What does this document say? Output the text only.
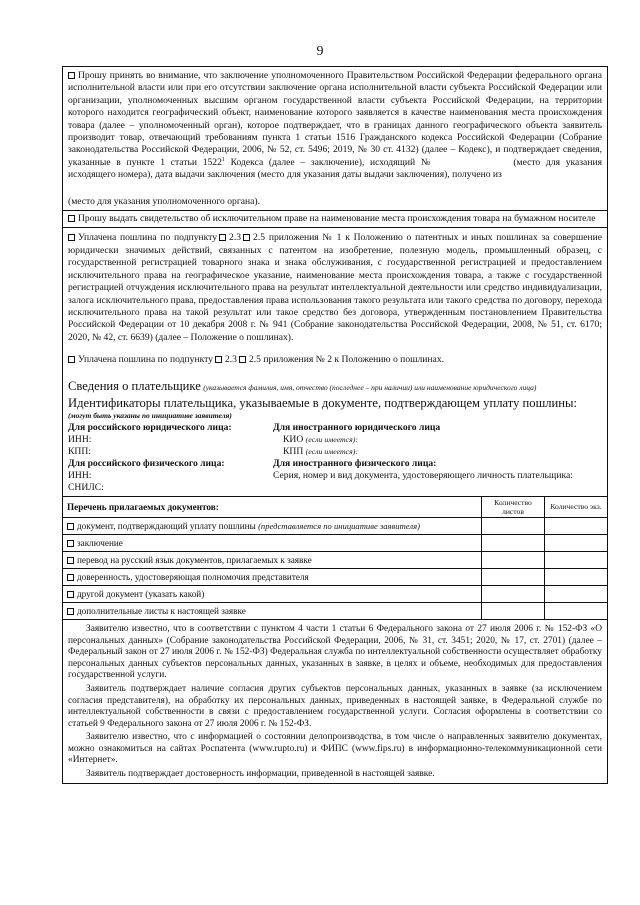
9
Прошу принять во внимание, что заключение уполномоченного Правительством Российской Федерации федерального органа исполнительной власти или при его отсутствии заключение органа исполнительной власти субъекта Российской Федерации или организации, уполномоченных высшим органом государственной власти субъекта Российской Федерации, на территории которого находится географический объект, наименование которого заявляется в качестве наименования места происхождения товара (далее – уполномоченный орган), которое подтверждает, что в границах данного географического объекта заявитель производит товар, отвечающий требованиям пункта 1 статьи 1516 Гражданского кодекса Российской Федерации (Собрание законодательства Российской Федерации, 2006, № 52, ст. 5496; 2019, № 30 ст. 4132) (далее – Кодекс), и подтверждает сведения, указанные в пункте 1 статьи 1522$^1$ Кодекса (далее – заключение), исходящий №	(место для указания исходящего номера), дата выдачи заключения (место для указания даты выдачи заключения), получено из
(место для указания уполномоченного органа).
Прошу выдать свидетельство об исключительном праве на наименование места происхождения товара на бумажном носителе
Уплачена пошлина по подпункту 2.3 2.5 приложения № 1 к Положению о патентных и иных пошлинах за совершение юридически значимых действий, связанных с патентом на изобретение, полезную модель, промышленный образец, с государственной регистрацией товарного знака и знака обслуживания, с государственной регистрацией и предоставлением исключительного права на географическое указание, наименование места происхождения товара, а также с государственной регистрацией отчуждения исключительного права на результат интеллектуальной деятельности или средство индивидуализации, залога исключительного права, предоставления права использования такого результата или такого средства по договору, перехода исключительного права на такой результат или такое средство без договора, утвержденным постановлением Правительства Российской Федерации от 10 декабря 2008 г. № 941 (Собрание законодательства Российской Федерации, 2008, № 51, ст. 6170; 2020, № 42, ст. 6639) (далее – Положение о пошлинах).
Уплачена пошлина по подпункту 2.3 2.5 приложения № 2 к Положению о пошлинах.
Сведения о плательщике (указывается фамилия, имя, отчество (последнее – при наличии) или наименование юридического лица)
Идентификаторы плательщика, указываемые в документе, подтверждающем уплату пошлины:
(могут быть указаны по инициативе заявителя)
Для российского юридического лица:	Для иностранного юридического лица
ИНН:	КИО (если имеется):
КПП:	КПП (если имеется):
Для российского физического лица:	Для иностранного физического лица:
ИНН:	Серия, номер и вид документа, удостоверяющего личность плательщика:
СНИЛС:
Перечень прилагаемых документов:	Количество листов	Количество экз.
документ, подтверждающий уплату пошлины (представляется по инициативе заявителя)		
заключение		
перевод на русский язык документов, прилагаемых к заявке		
доверенность, удостоверяющая полномочия представителя		
другой документ (указать какой)		
дополнительные листы к настоящей заявке		

Заявителю известно, что в соответствии с пунктом 4 части 1 статьи 6 Федерального закона от 27 июля 2006 г. № 152-ФЗ «О персональных данных» (Собрание законодательства Российской Федерации, 2006, № 31, ст. 3451; 2020, № 17, ст. 2701) (далее – Федеральный закон от 27 июля 2006 г. № 152-ФЗ) Федеральная служба по интеллектуальной собственности осуществляет обработку персональных данных субъектов персональных данных, указанных в заявке, в целях и объеме, необходимых для предоставления государственной услуги.

Заявитель подтверждает наличие согласия других субъектов персональных данных, указанных в заявке (за исключением согласия представителя), на обработку их персональных данных, приведенных в настоящей заявке, в Федеральной службе по интеллектуальной собственности в связи с предоставлением государственной услуги. Согласия оформлены в соответствии со статьей 9 Федерального закона от 27 июля 2006 г. № 152-ФЗ.

Заявителю известно, что с информацией о состоянии делопроизводства, в том числе о направленных заявителю документах, можно ознакомиться на сайтах Роспатента (www.rupto.ru) и ФИПС (www.fips.ru) в информационно-телекоммуникационной сети «Интернет».

Заявитель подтверждает достоверность информации, приведенной в настоящей заявке.
